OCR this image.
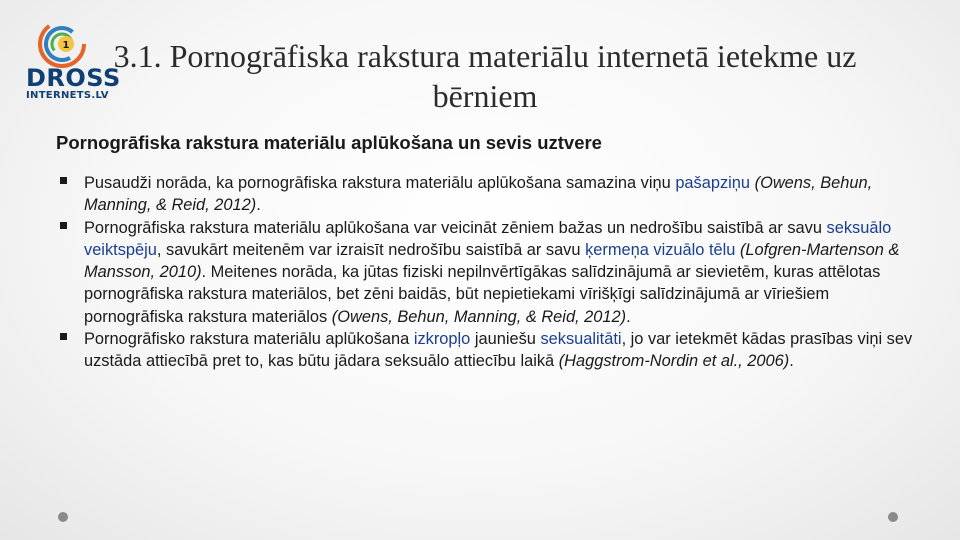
1
DROSS
INTERNETS.LV
3.1. Pornogrāfiska rakstura materiālu internetā ietekme uz bērniem
Pornogrāfiska rakstura materiālu aplūkošana un sevis uztvere
Pusaudži norāda, ka pornogrāfiska rakstura materiālu aplūkošana samazina viņu pašapziņu (Owens, Behun, Manning, & Reid, 2012).
Pornogrāfiska rakstura materiālu aplūkošana var veicināt zēniem bažas un nedrošību saistībā ar savu seksuālo veiktspēju, savukārt meitenēm var izraisīt nedrošību saistībā ar savu ķermeņa vizuālo tēlu (Lofgren-Martenson & Mansson, 2010). Meitenes norāda, ka jūtas fiziski nepilnvērtīgākas salīdzinājumā ar sievietēm, kuras attēlotas pornogrāfiska rakstura materiālos, bet zēni baidās, būt nepietiekami vīrišķīgi salīdzinājumā ar vīriešiem pornogrāfiska rakstura materiālos (Owens, Behun, Manning, & Reid, 2012).
Pornogrāfisko rakstura materiālu aplūkošana izkropļo jauniešu seksualitāti, jo var ietekmēt kādas prasības viņi sev uzstāda attiecībā pret to, kas būtu jādara seksuālo attiecību laikā (Haggstrom-Nordin et al., 2006).
